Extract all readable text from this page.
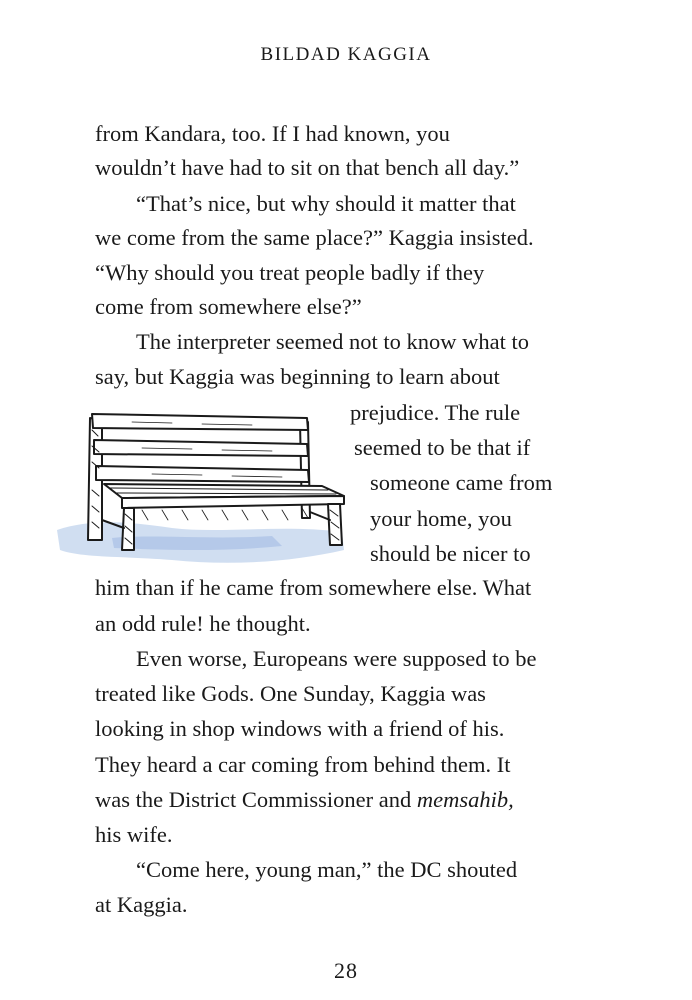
BILDAD KAGGIA
from Kandara, too. If I had known, you
wouldn’t have had to sit on that bench all day.”
“That’s nice, but why should it matter that
we come from the same place?” Kaggia insisted.
“Why should you treat people badly if they
come from somewhere else?”
The interpreter seemed not to know what to
say, but Kaggia was beginning to learn about
prejudice. The rule
seemed to be that if
someone came from
your home, you
should be nicer to
him than if he came from somewhere else. What
an odd rule! he thought.
Even worse, Europeans were supposed to be
treated like Gods. One Sunday, Kaggia was
looking in shop windows with a friend of his.
They heard a car coming from behind them. It
was the District Commissioner and memsahib,
his wife.
“Come here, young man,” the DC shouted
at Kaggia.
28
